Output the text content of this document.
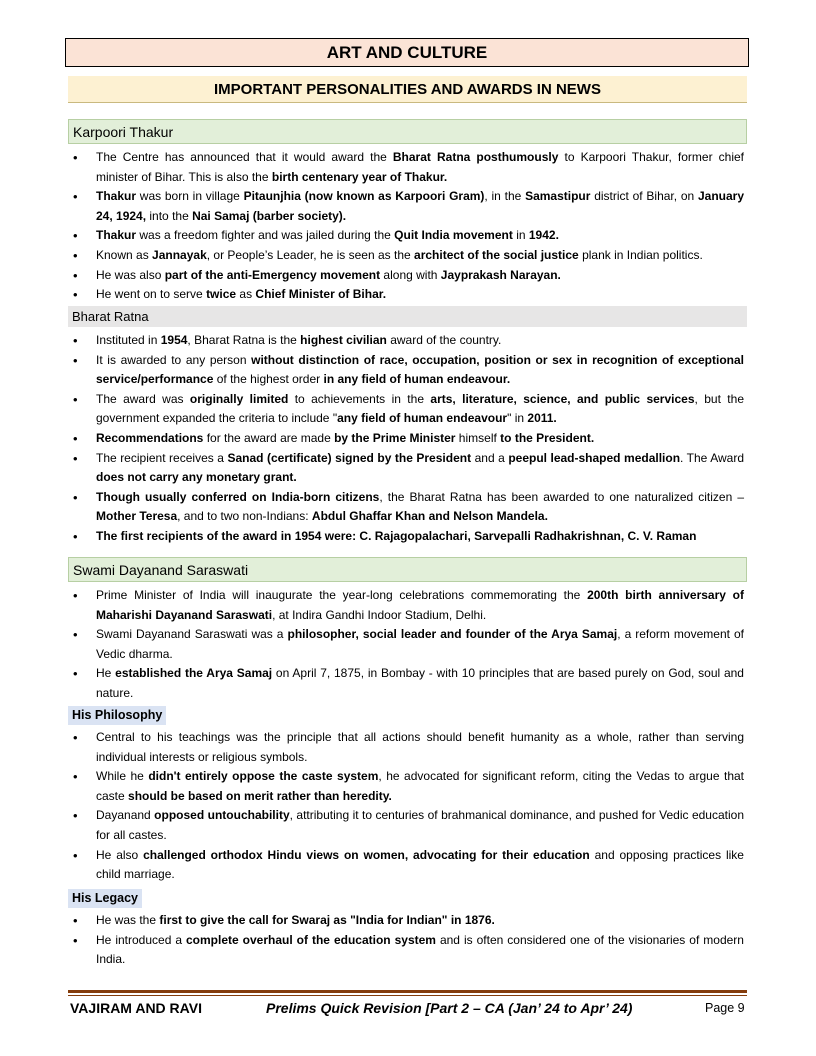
ART AND CULTURE
IMPORTANT PERSONALITIES AND AWARDS IN NEWS
Karpoori Thakur
• The Centre has announced that it would award the Bharat Ratna posthumously to Karpoori Thakur, former chief minister of Bihar. This is also the birth centenary year of Thakur.
• Thakur was born in village Pitaunjhia (now known as Karpoori Gram), in the Samastipur district of Bihar, on January 24, 1924, into the Nai Samaj (barber society).
• Thakur was a freedom fighter and was jailed during the Quit India movement in 1942.
• Known as Jannayak, or People’s Leader, he is seen as the architect of the social justice plank in Indian politics.
• He was also part of the anti-Emergency movement along with Jayprakash Narayan.
• He went on to serve twice as Chief Minister of Bihar.
Bharat Ratna
• Instituted in 1954, Bharat Ratna is the highest civilian award of the country.
• It is awarded to any person without distinction of race, occupation, position or sex in recognition of exceptional service/performance of the highest order in any field of human endeavour.
• The award was originally limited to achievements in the arts, literature, science, and public services, but the government expanded the criteria to include "any field of human endeavour" in 2011.
• Recommendations for the award are made by the Prime Minister himself to the President.
• The recipient receives a Sanad (certificate) signed by the President and a peepul lead-shaped medallion. The Award does not carry any monetary grant.
• Though usually conferred on India-born citizens, the Bharat Ratna has been awarded to one naturalized citizen – Mother Teresa, and to two non-Indians: Abdul Ghaffar Khan and Nelson Mandela.
• The first recipients of the award in 1954 were: C. Rajagopalachari, Sarvepalli Radhakrishnan, C. V. Raman
Swami Dayanand Saraswati
• Prime Minister of India will inaugurate the year-long celebrations commemorating the 200th birth anniversary of Maharishi Dayanand Saraswati, at Indira Gandhi Indoor Stadium, Delhi.
• Swami Dayanand Saraswati was a philosopher, social leader and founder of the Arya Samaj, a reform movement of Vedic dharma.
• He established the Arya Samaj on April 7, 1875, in Bombay - with 10 principles that are based purely on God, soul and nature.
His Philosophy
• Central to his teachings was the principle that all actions should benefit humanity as a whole, rather than serving individual interests or religious symbols.
• While he didn't entirely oppose the caste system, he advocated for significant reform, citing the Vedas to argue that caste should be based on merit rather than heredity.
• Dayanand opposed untouchability, attributing it to centuries of brahmanical dominance, and pushed for Vedic education for all castes.
• He also challenged orthodox Hindu views on women, advocating for their education and opposing practices like child marriage.
His Legacy
• He was the first to give the call for Swaraj as "India for Indian" in 1876.
• He introduced a complete overhaul of the education system and is often considered one of the visionaries of modern India.
VAJIRAM AND RAVI	Prelims Quick Revision [Part 2 – CA (Jan’ 24 to Apr’ 24)	Page 9
